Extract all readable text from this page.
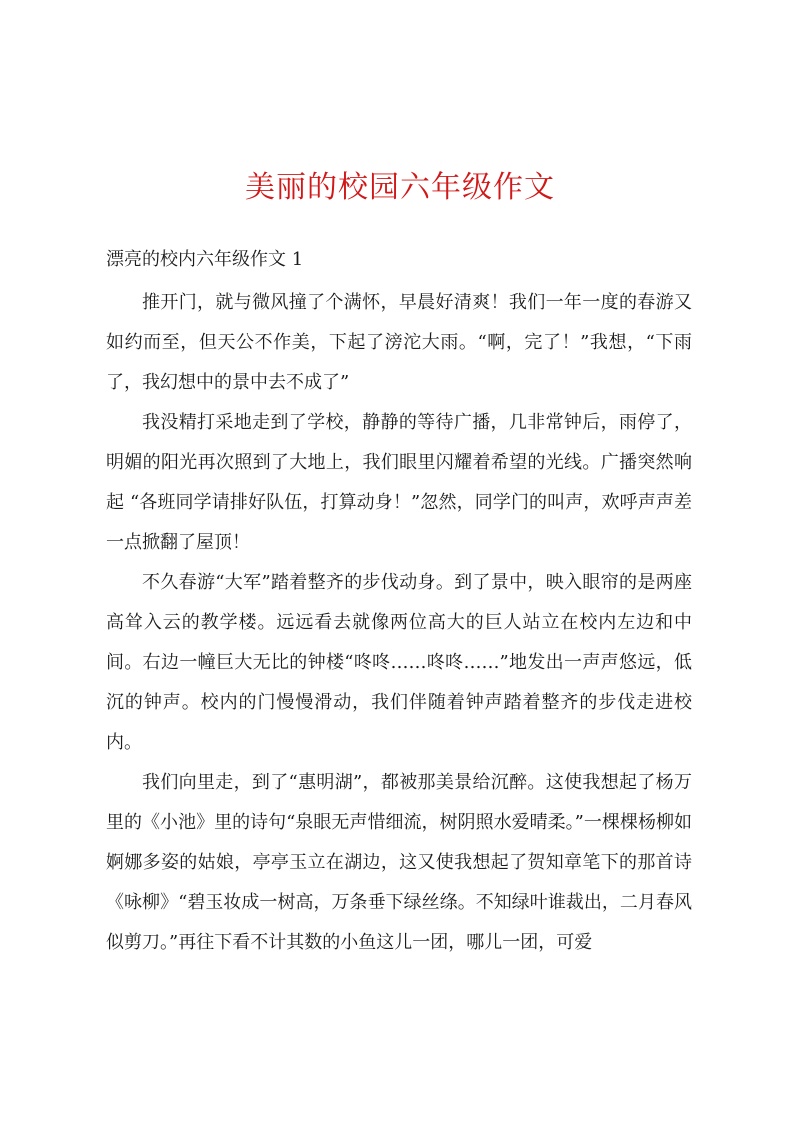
美丽的校园六年级作文
漂亮的校内六年级作文 1

推开门，就与微风撞了个满怀，早晨好清爽！我们一年一度的春游又如约而至，但天公不作美，下起了滂沱大雨。“啊，完了！”我想，“下雨了，我幻想中的景中去不成了”

我没精打采地走到了学校，静静的等待广播，几非常钟后，雨停了，明媚的阳光再次照到了大地上，我们眼里闪耀着希望的光线。广播突然响起 “各班同学请排好队伍，打算动身！”忽然，同学门的叫声，欢呼声声差一点掀翻了屋顶！

不久春游“大军”踏着整齐的步伐动身。到了景中，映入眼帘的是两座高耸入云的教学楼。远远看去就像两位高大的巨人站立在校内左边和中间。右边一幢巨大无比的钟楼“咚咚……咚咚……”地发出一声声悠远，低沉的钟声。校内的门慢慢滑动，我们伴随着钟声踏着整齐的步伐走进校内。

我们向里走，到了“惠明湖”，都被那美景给沉醉。这使我想起了杨万里的《小池》里的诗句“泉眼无声惜细流，树阴照水爱晴柔。”一棵棵杨柳如婀娜多姿的姑娘，亭亭玉立在湖边，这又使我想起了贺知章笔下的那首诗《咏柳》“碧玉妆成一树高，万条垂下绿丝绦。不知绿叶谁裁出，二月春风似剪刀。”再往下看不计其数的小鱼这儿一团，哪儿一团，可爱
